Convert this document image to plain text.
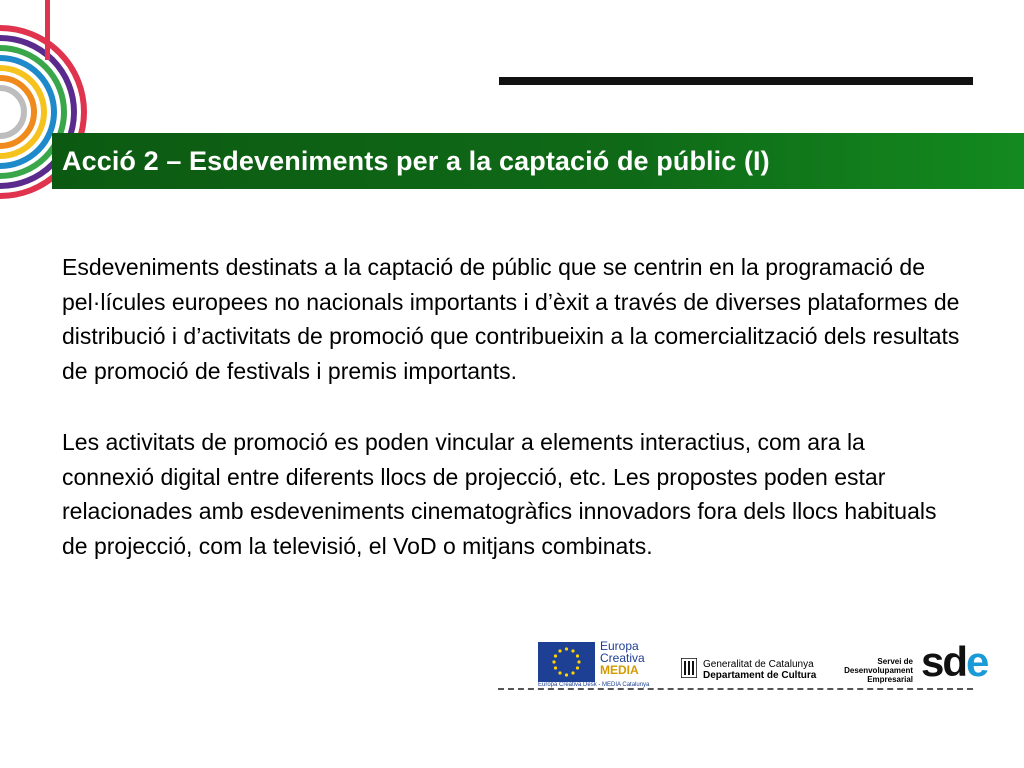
Acció 2 – Esdeveniments per a la captació de públic (I)

Esdeveniments destinats a la captació de públic que se centrin en la programació de pel·lícules europees no nacionals importants i d’èxit a través de diverses plataformes de distribució i d’activitats de promoció que contribueixin a la comercialització dels resultats de promoció de festivals i premis importants.

Les activitats de promoció es poden vincular a elements interactius, com ara la connexió digital entre diferents llocs de projecció, etc. Les propostes poden estar relacionades amb esdeveniments cinematogràfics innovadors fora dels llocs habituals de projecció, com la televisió, el VoD o mitjans combinats.

Europa
Creativa
MEDIA
Europa Creativa Desk - MEDIA Catalunya
Generalitat de Catalunya
Departament de Cultura
Servei de
Desenvolupament
Empresarial sde
